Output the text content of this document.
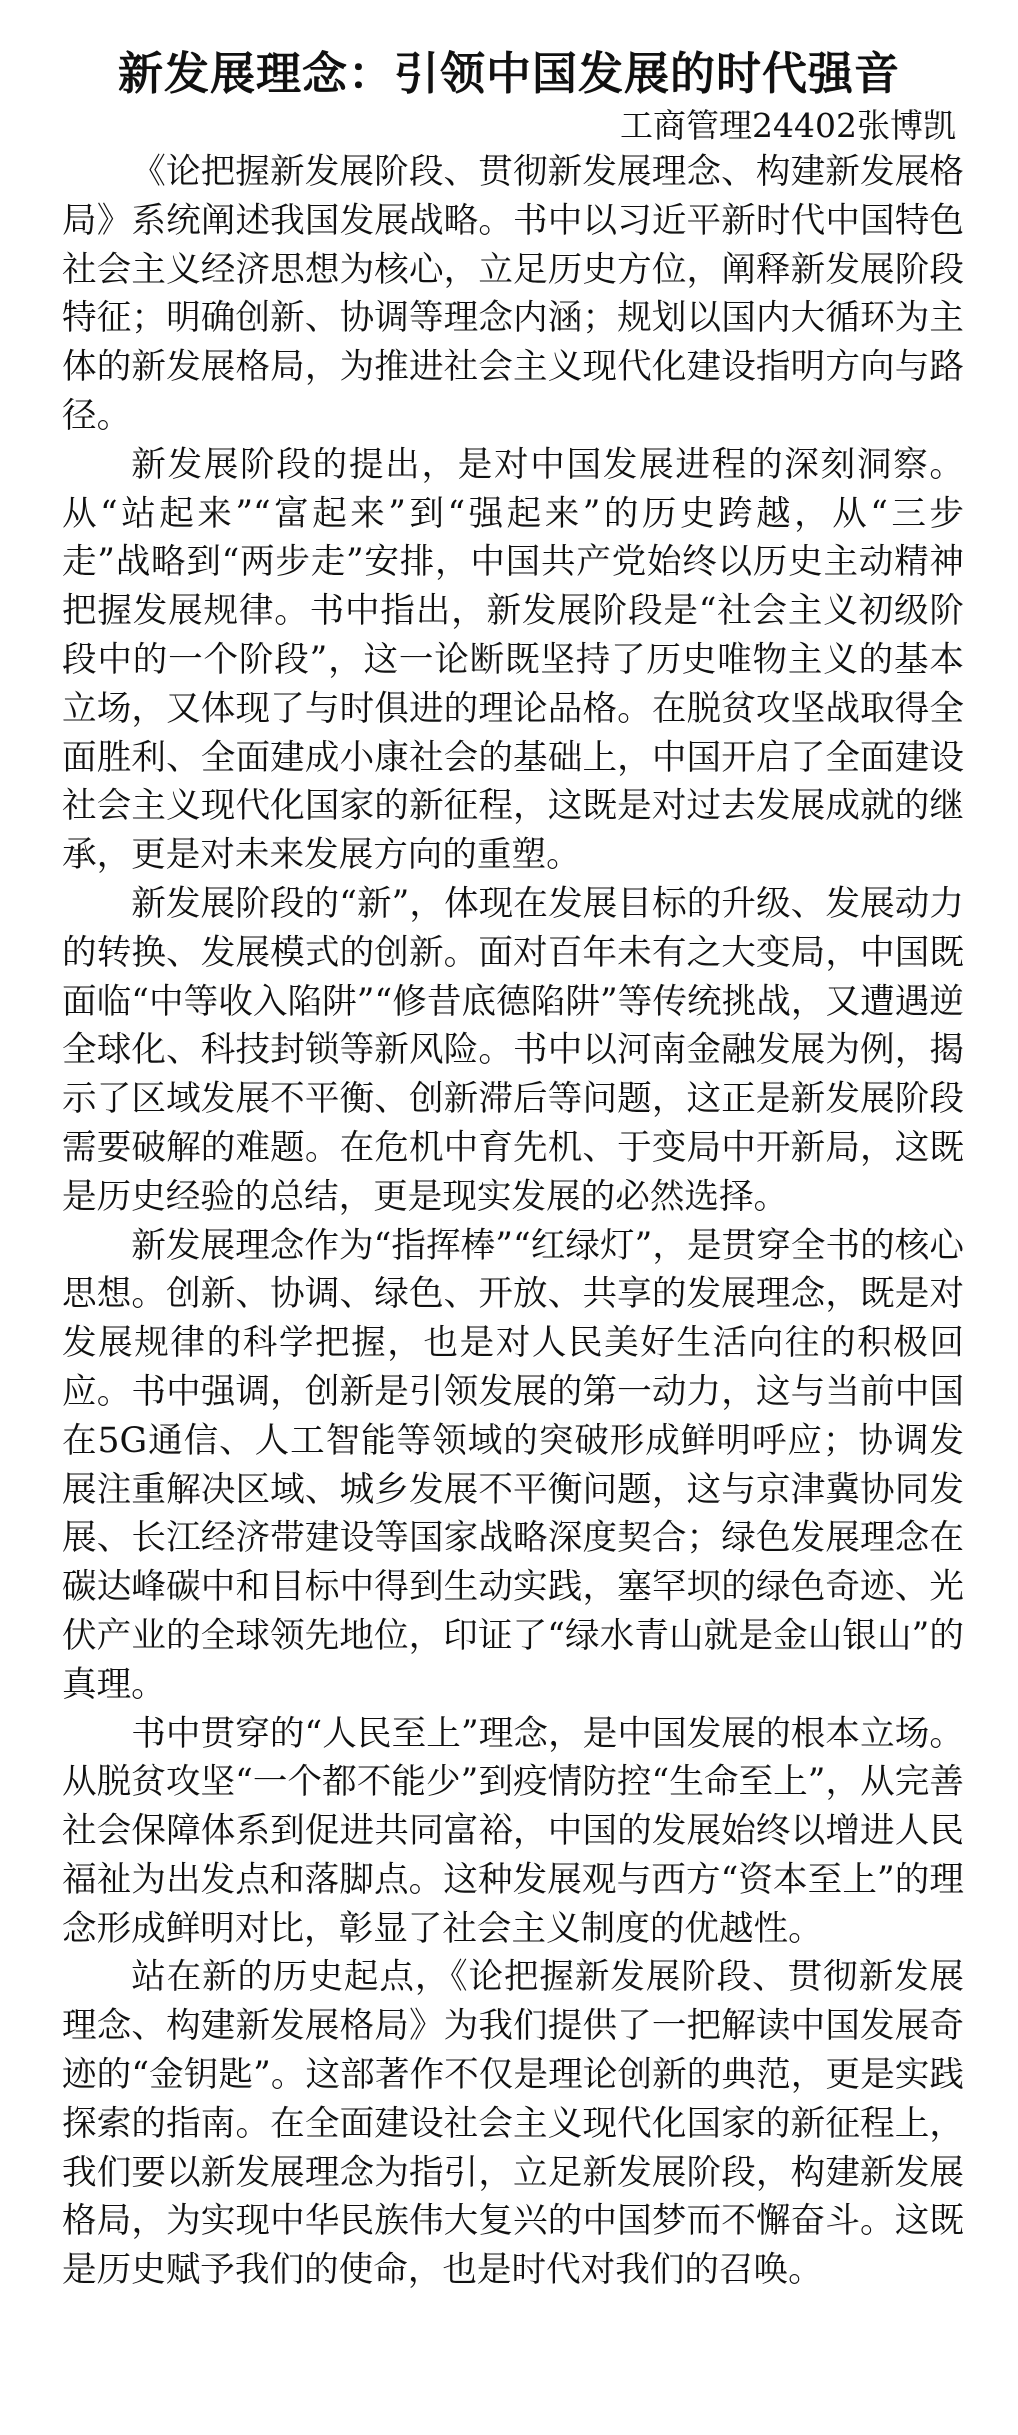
新发展理念：引领中国发展的时代强音
工商管理24402张博凯

《论把握新发展阶段、贯彻新发展理念、构建新发展格局》系统阐述我国发展战略。书中以习近平新时代中国特色社会主义经济思想为核心，立足历史方位，阐释新发展阶段特征；明确创新、协调等理念内涵；规划以国内大循环为主体的新发展格局，为推进社会主义现代化建设指明方向与路径。

新发展阶段的提出，是对中国发展进程的深刻洞察。从“站起来”“富起来”到“强起来”的历史跨越，从“三步走”战略到“两步走”安排，中国共产党始终以历史主动精神把握发展规律。书中指出，新发展阶段是“社会主义初级阶段中的一个阶段”，这一论断既坚持了历史唯物主义的基本立场，又体现了与时俱进的理论品格。在脱贫攻坚战取得全面胜利、全面建成小康社会的基础上，中国开启了全面建设社会主义现代化国家的新征程，这既是对过去发展成就的继承，更是对未来发展方向的重塑。

新发展阶段的“新”，体现在发展目标的升级、发展动力的转换、发展模式的创新。面对百年未有之大变局，中国既面临“中等收入陷阱”“修昔底德陷阱”等传统挑战，又遭遇逆全球化、科技封锁等新风险。书中以河南金融发展为例，揭示了区域发展不平衡、创新滞后等问题，这正是新发展阶段需要破解的难题。在危机中育先机、于变局中开新局，这既是历史经验的总结，更是现实发展的必然选择。

新发展理念作为“指挥棒”“红绿灯”，是贯穿全书的核心思想。创新、协调、绿色、开放、共享的发展理念，既是对发展规律的科学把握，也是对人民美好生活向往的积极回应。书中强调，创新是引领发展的第一动力，这与当前中国在5G通信、人工智能等领域的突破形成鲜明呼应；协调发展注重解决区域、城乡发展不平衡问题，这与京津冀协同发展、长江经济带建设等国家战略深度契合；绿色发展理念在碳达峰碳中和目标中得到生动实践，塞罕坝的绿色奇迹、光伏产业的全球领先地位，印证了“绿水青山就是金山银山”的真理。

书中贯穿的“人民至上”理念，是中国发展的根本立场。从脱贫攻坚“一个都不能少”到疫情防控“生命至上”，从完善社会保障体系到促进共同富裕，中国的发展始终以增进人民福祉为出发点和落脚点。这种发展观与西方“资本至上”的理念形成鲜明对比，彰显了社会主义制度的优越性。

站在新的历史起点，《论把握新发展阶段、贯彻新发展理念、构建新发展格局》为我们提供了一把解读中国发展奇迹的“金钥匙”。这部著作不仅是理论创新的典范，更是实践探索的指南。在全面建设社会主义现代化国家的新征程上，我们要以新发展理念为指引，立足新发展阶段，构建新发展格局，为实现中华民族伟大复兴的中国梦而不懈奋斗。这既是历史赋予我们的使命，也是时代对我们的召唤。
